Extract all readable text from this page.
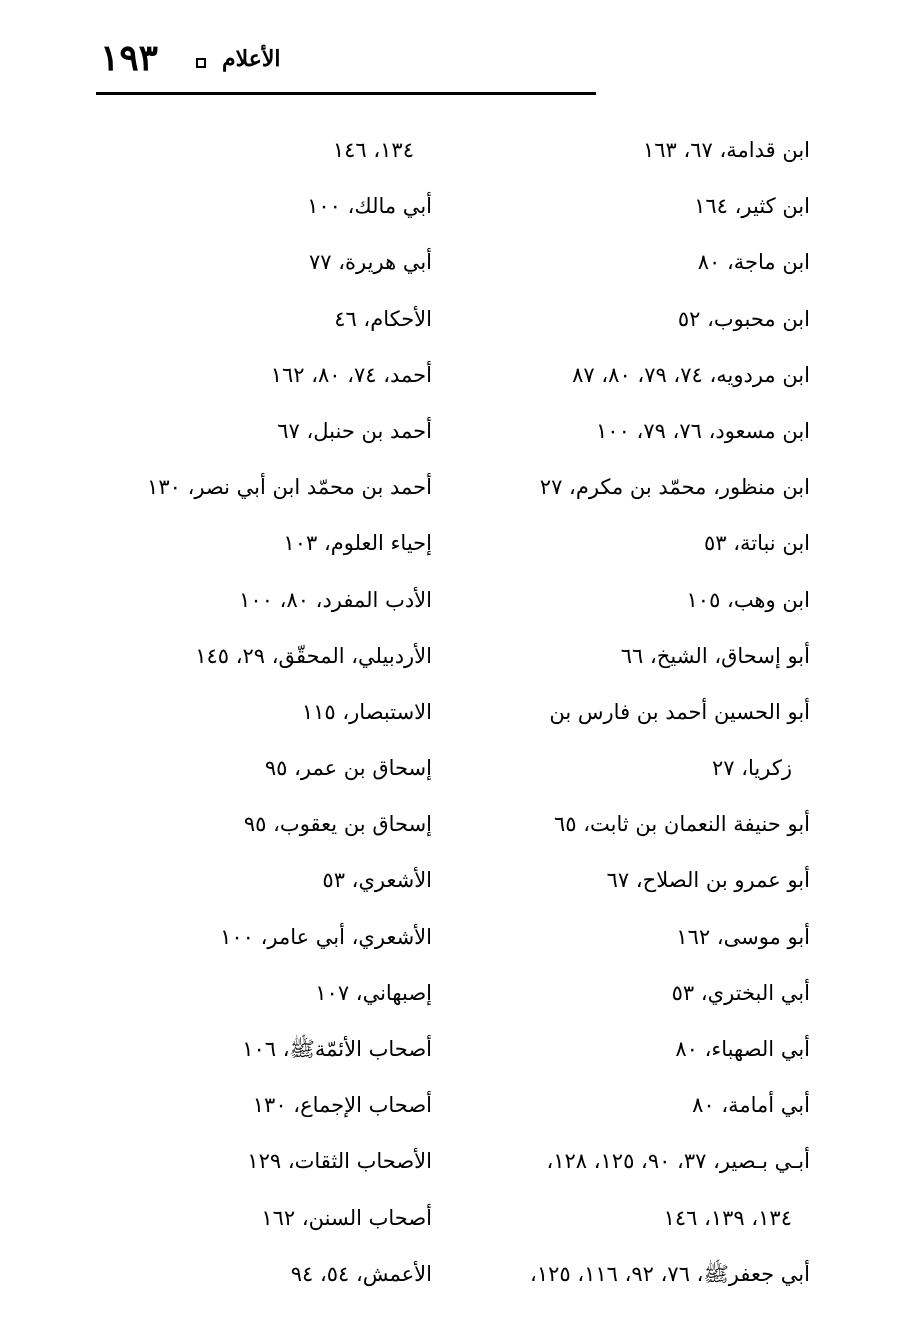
١٩٣	الأعلام
ابن قدامة، ٦٧، ١٦٣
ابن كثير، ١٦٤
ابن ماجة، ٨٠
ابن محبوب، ٥٢
ابن مردويه، ٧٤، ٧٩، ٨٠، ٨٧
ابن مسعود، ٧٦، ٧٩، ١٠٠
ابن منظور، محمّد بن مكرم، ٢٧
ابن نباتة، ٥٣
ابن وهب، ١٠٥
أبو إسحاق، الشيخ، ٦٦
أبو الحسين أحمد بن فارس بن
زكريا، ٢٧
أبو حنيفة النعمان بن ثابت، ٦٥
أبو عمرو بن الصلاح، ٦٧
أبو موسى، ١٦٢
أبي البختري، ٥٣
أبي الصهباء، ٨٠
أبي أمامة، ٨٠
أبـي بـصير، ٣٧، ٩٠، ١٢٥، ١٢٨،
١٣٤، ١٣٩، ١٤٦
أبي جعفرﷺ، ٧٦، ٩٢، ١١٦، ١٢٥،
١٣٤، ١٤٦
أبي مالك، ١٠٠
أبي هريرة، ٧٧
الأحكام، ٤٦
أحمد، ٧٤، ٨٠، ١٦٢
أحمد بن حنبل، ٦٧
أحمد بن محمّد ابن أبي نصر، ١٣٠
إحياء العلوم، ١٠٣
الأدب المفرد، ٨٠، ١٠٠
الأردبيلي، المحقّق، ٢٩، ١٤٥
الاستبصار، ١١٥
إسحاق بن عمر، ٩٥
إسحاق بن يعقوب، ٩٥
الأشعري، ٥٣
الأشعري، أبي عامر، ١٠٠
إصبهاني، ١٠٧
أصحاب الأئمّةﷺ، ١٠٦
أصحاب الإجماع، ١٣٠
الأصحاب الثقات، ١٢٩
أصحاب السنن، ١٦٢
الأعمش، ٥٤، ٩٤
